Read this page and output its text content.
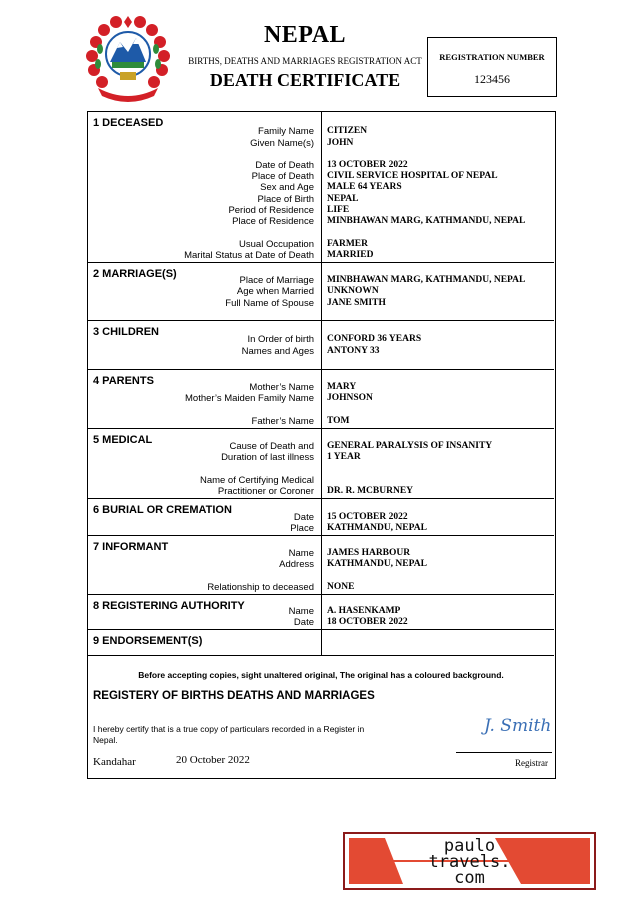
NEPAL
BIRTHS, DEATHS AND MARRIAGES REGISTRATION ACT
DEATH CERTIFICATE
REGISTRATION NUMBER
123456
1 DECEASED
Family Name CITIZEN
Given Name(s) JOHN
Date of Death 13 OCTOBER 2022
Place of Death CIVIL SERVICE HOSPITAL OF NEPAL
Sex and Age MALE 64 YEARS
Place of Birth NEPAL
Period of Residence LIFE
Place of Residence MINBHAWAN MARG, KATHMANDU, NEPAL
Usual Occupation FARMER
Marital Status at Date of Death MARRIED
2 MARRIAGE(S)
Place of Marriage MINBHAWAN MARG, KATHMANDU, NEPAL
Age when Married UNKNOWN
Full Name of Spouse JANE SMITH
3 CHILDREN
In Order of birth CONFORD 36 YEARS
Names and Ages ANTONY 33
4 PARENTS
Mother’s Name MARY
Mother’s Maiden Family Name JOHNSON
Father’s Name TOM
5 MEDICAL
Cause of Death and GENERAL PARALYSIS OF INSANITY
Duration of last illness 1 YEAR
Name of Certifying Medical
Practitioner or Coroner DR. R. MCBURNEY
6 BURIAL OR CREMATION
Date 15 OCTOBER 2022
Place KATHMANDU, NEPAL
7 INFORMANT
Name JAMES HARBOUR
Address KATHMANDU, NEPAL
Relationship to deceased NONE
8 REGISTERING AUTHORITY	Name A. HASENKAMP
Date 18 OCTOBER 2022
9 ENDORSEMENT(S)
Before accepting copies, sight unaltered original, The original has a coloured background.
REGISTERY OF BIRTHS DEATHS AND MARRIAGES
I hereby certify that is a true copy of particulars recorded in a Register in Nepal.
J. Smith
Kandahar	20 October 2022	Registrar
paulo
travels.
com
